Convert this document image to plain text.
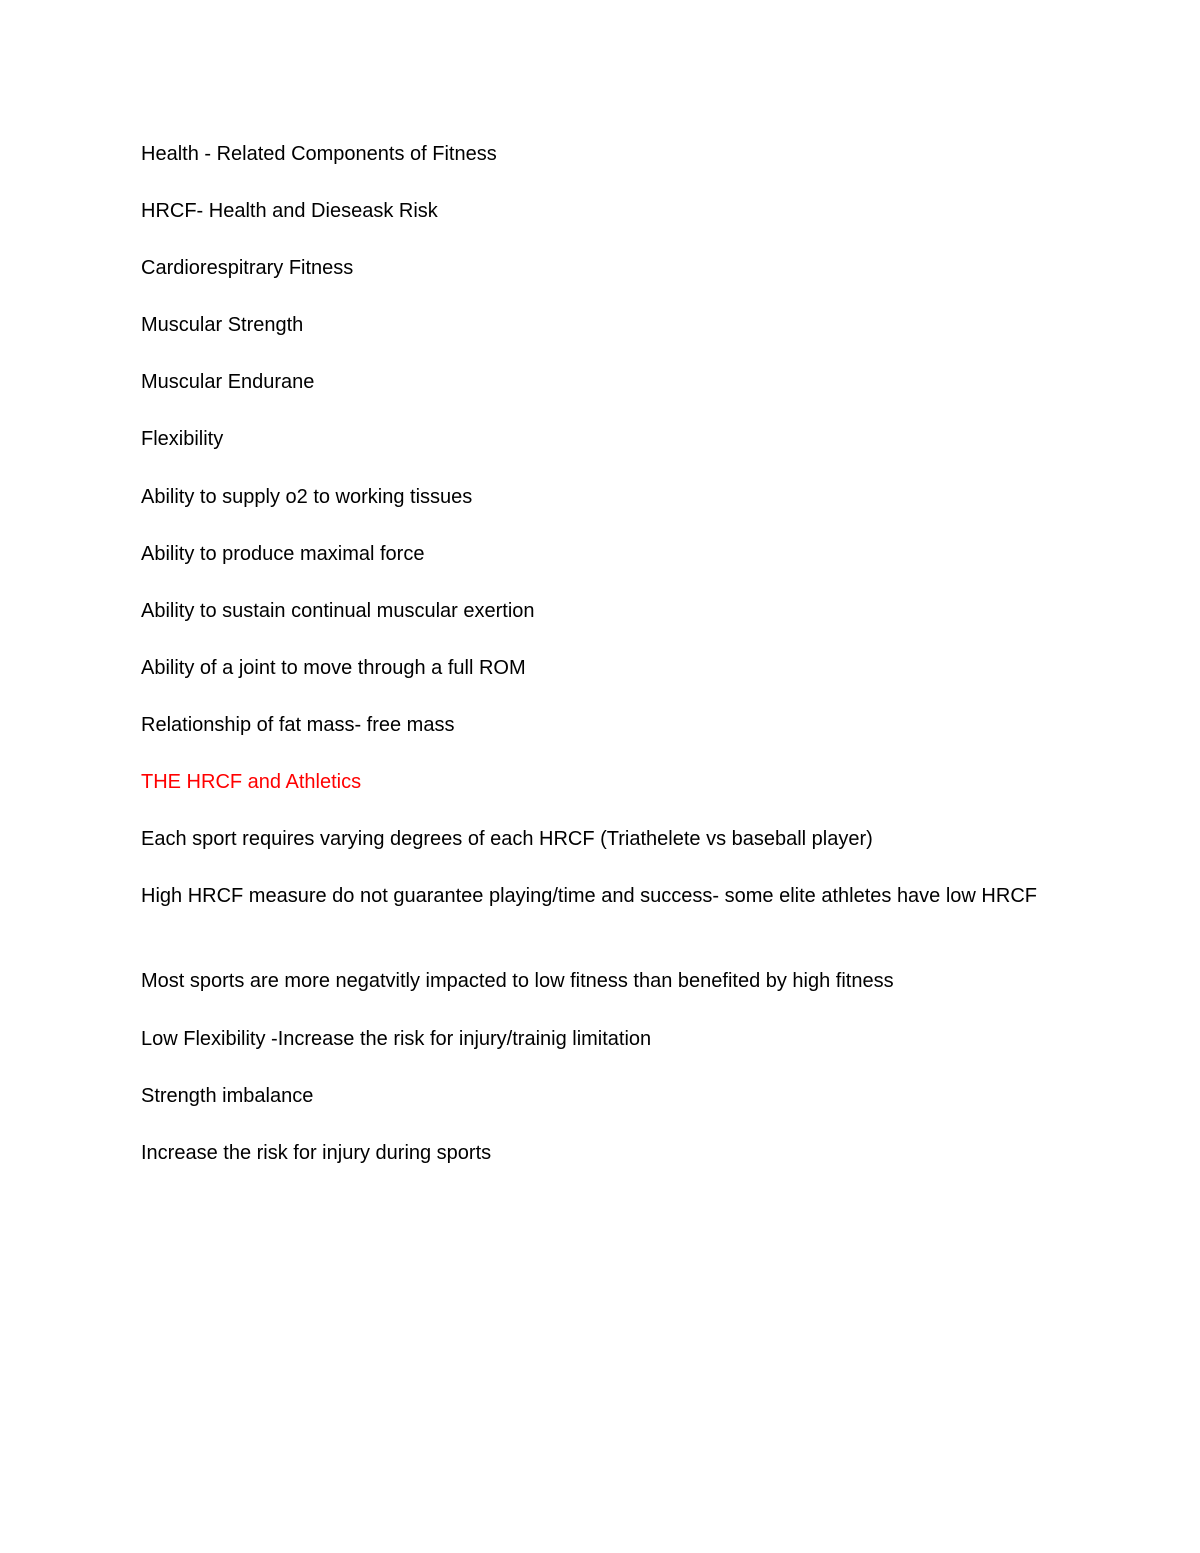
Health - Related Components of Fitness

HRCF- Health and Dieseask Risk

Cardiorespitrary Fitness

Muscular Strength

Muscular Endurane

Flexibility

Ability to supply o2 to working tissues

Ability to produce maximal force

Ability to sustain continual muscular exertion

Ability of a joint to move through a full ROM

Relationship of fat mass- free mass

THE HRCF and Athletics

Each sport requires varying degrees of each HRCF (Triathelete vs baseball player)

High HRCF measure do not guarantee playing/time and success- some elite athletes have low HRCF

Most sports are more negatvitly impacted to low fitness than benefited by high fitness

Low Flexibility -Increase the risk for injury/trainig limitation

Strength imbalance

Increase the risk for injury during sports
